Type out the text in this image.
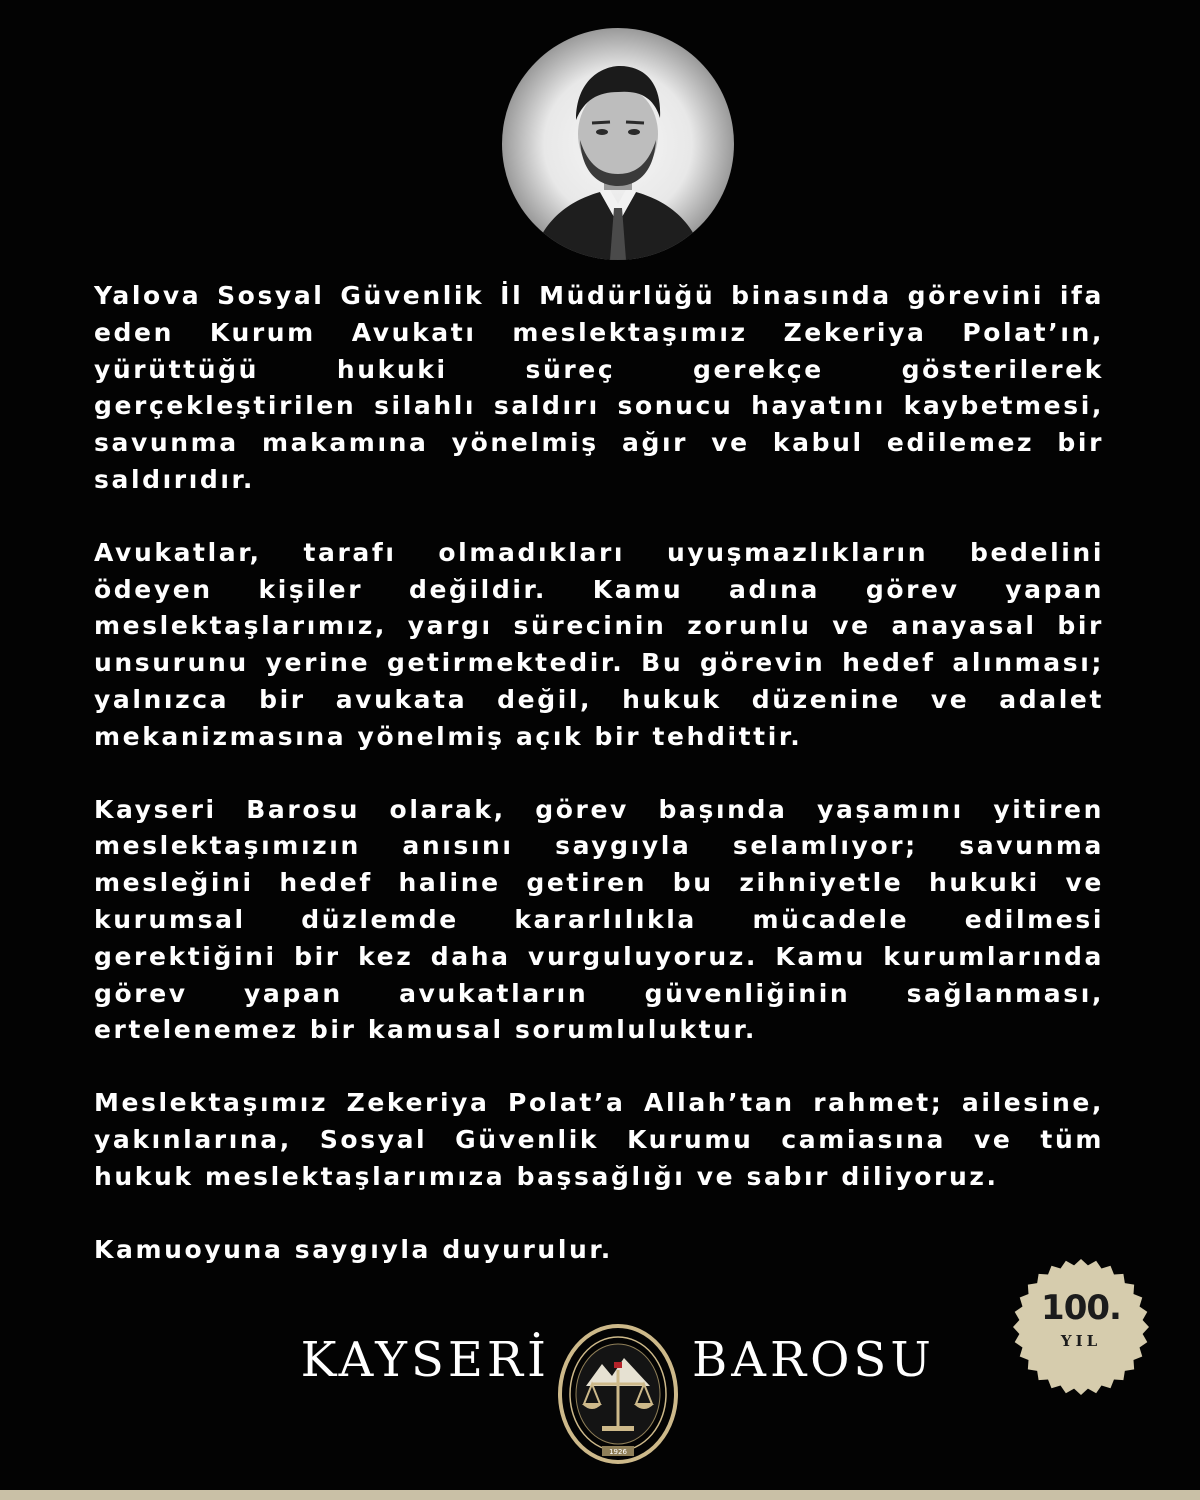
Yalova Sosyal Güvenlik İl Müdürlüğü binasında görevini ifa eden Kurum Avukatı meslektaşımız Zekeriya Polat’ın, yürüttüğü hukuki süreç gerekçe gösterilerek gerçekleştirilen silahlı saldırı sonucu hayatını kaybetmesi, savunma makamına yönelmiş ağır ve kabul edilemez bir saldırıdır.

Avukatlar, tarafı olmadıkları uyuşmazlıkların bedelini ödeyen kişiler değildir. Kamu adına görev yapan meslektaşlarımız, yargı sürecinin zorunlu ve anayasal bir unsurunu yerine getirmektedir. Bu görevin hedef alınması; yalnızca bir avukata değil, hukuk düzenine ve adalet mekanizmasına yönelmiş açık bir tehdittir.

Kayseri Barosu olarak, görev başında yaşamını yitiren meslektaşımızın anısını saygıyla selamlıyor; savunma mesleğini hedef haline getiren bu zihniyetle hukuki ve kurumsal düzlemde kararlılıkla mücadele edilmesi gerektiğini bir kez daha vurguluyoruz. Kamu kurumlarında görev yapan avukatların güvenliğinin sağlanması, ertelenemez bir kamusal sorumluluktur.

Meslektaşımız Zekeriya Polat’a Allah’tan rahmet; ailesine, yakınlarına, Sosyal Güvenlik Kurumu camiasına ve tüm hukuk meslektaşlarımıza başsağlığı ve sabır diliyoruz.

Kamuoyuna saygıyla duyurulur.

100.
YIL
KAYSERİ
1926
BAROSU
